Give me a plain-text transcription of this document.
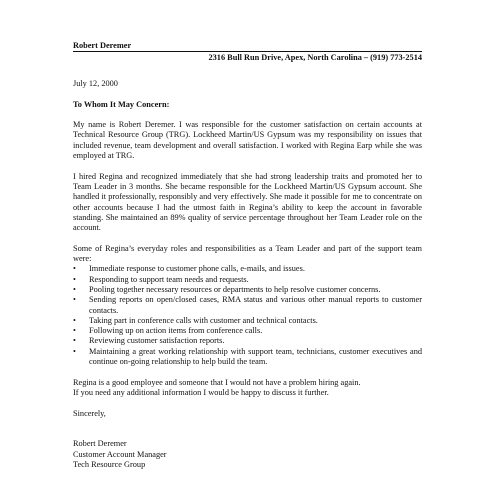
Robert Deremer
2316 Bull Run Drive, Apex, North Carolina – (919) 773-2514

July 12, 2000

To Whom It May Concern:

My name is Robert Deremer. I was responsible for the customer satisfaction on certain accounts at Technical Resource Group (TRG). Lockheed Martin/US Gypsum was my responsibility on issues that included revenue, team development and overall satisfaction. I worked with Regina Earp while she was employed at TRG.

I hired Regina and recognized immediately that she had strong leadership traits and promoted her to Team Leader in 3 months. She became responsible for the Lockheed Martin/US Gypsum account. She handled it professionally, responsibly and very effectively. She made it possible for me to concentrate on other accounts because I had the utmost faith in Regina’s ability to keep the account in favorable standing. She maintained an 89% quality of service percentage throughout her Team Leader role on the account.

Some of Regina’s everyday roles and responsibilities as a Team Leader and part of the support team were:

•	Immediate response to customer phone calls, e-mails, and issues.
•	Responding to support team needs and requests.
•	Pooling together necessary resources or departments to help resolve customer concerns.
•	Sending reports on open/closed cases, RMA status and various other manual reports to customer contacts.
•	Taking part in conference calls with customer and technical contacts.
•	Following up on action items from conference calls.
•	Reviewing customer satisfaction reports.
•	Maintaining a great working relationship with support team, technicians, customer executives and continue on-going relationship to help build the team.

Regina is a good employee and someone that I would not have a problem hiring again.

If you need any additional information I would be happy to discuss it further.

Sincerely,

Robert Deremer

Customer Account Manager

Tech Resource Group
